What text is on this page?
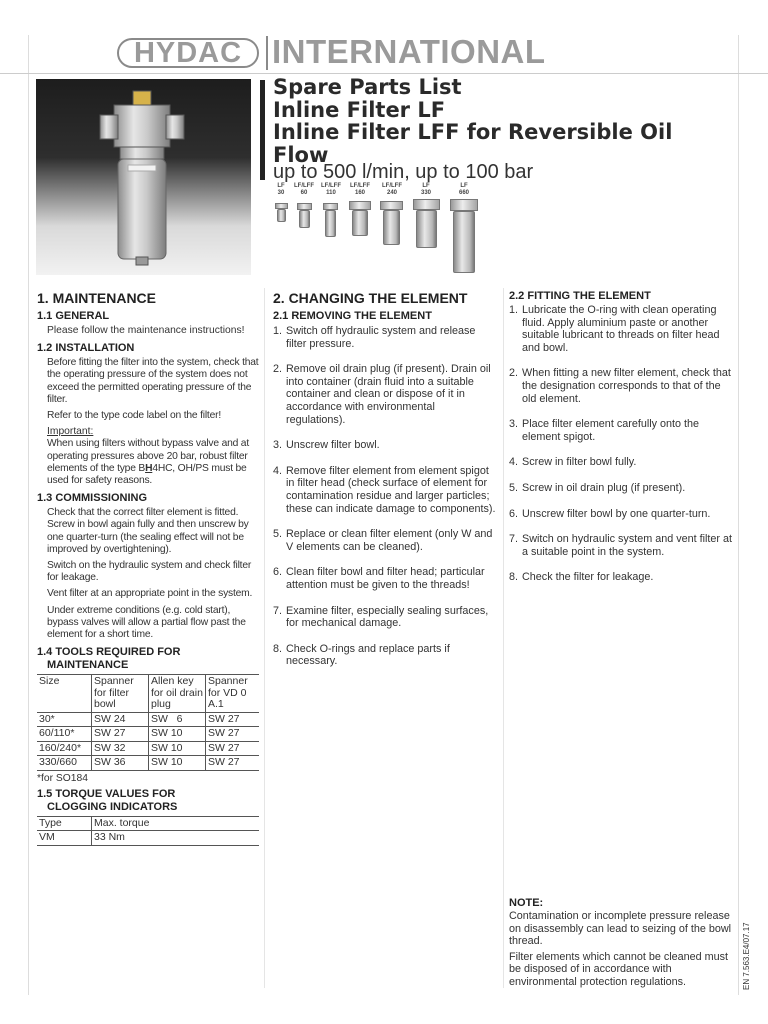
HYDAC INTERNATIONAL
Spare Parts List
Inline Filter LF
Inline Filter LFF for Reversible Oil
Flow
up to 500 l/min, up to 100 bar
LF
30
LF/LFF
60
LF/LFF
110
LF/LFF
160
LF/LFF
240
LF
330
LF
660
1. MAINTENANCE
1.1 GENERAL
Please follow the maintenance instructions!
1.2 INSTALLATION
Before fitting the filter into the system, check that the operating pressure of the system does not exceed the permitted operating pressure of the filter.
Refer to the type code label on the filter!
Important:
When using filters without bypass valve and at operating pressures above 20 bar, robust filter elements of the type BH4HC, OH/PS must be used for safety reasons.
1.3 COMMISSIONING
Check that the correct filter element is fitted. Screw in bowl again fully and then unscrew by one quarter-turn (the sealing effect will not be improved by overtightening).
Switch on the hydraulic system and check filter for leakage.
Vent filter at an appropriate point in the system.
Under extreme conditions (e.g. cold start), bypass valves will allow a partial flow past the element for a short time.
1.4 TOOLS REQUIRED FOR
MAINTENANCE
Size	Spanner for filter bowl	Allen key for oil drain plug	Spanner for VD 0 A.1
30*	SW 24	SW   6	SW 27
60/110*	SW 27	SW 10	SW 27
160/240*	SW 32	SW 10	SW 27
330/660	SW 36	SW 10	SW 27
*for SO184
1.5 TORQUE VALUES FOR
CLOGGING INDICATORS
Type	Max. torque
VM	33 Nm
2. CHANGING THE ELEMENT
2.1 REMOVING THE ELEMENT
1. Switch off hydraulic system and release filter pressure.
2. Remove oil drain plug (if present). Drain oil into container (drain fluid into a suitable container and clean or dispose of it in accordance with environmental regulations).
3. Unscrew filter bowl.
4. Remove filter element from element spigot in filter head (check surface of element for contamination residue and larger particles; these can indicate damage to components).
5. Replace or clean filter element (only W and V elements can be cleaned).
6. Clean filter bowl and filter head; particular attention must be given to the threads!
7. Examine filter, especially sealing surfaces, for mechanical damage.
8. Check O-rings and replace parts if necessary.
2.2 FITTING THE ELEMENT
1. Lubricate the O-ring with clean operating fluid. Apply aluminium paste or another suitable lubricant to threads on filter head and bowl.
2. When fitting a new filter element, check that the designation corresponds to that of the old element.
3. Place filter element carefully onto the element spigot.
4. Screw in filter bowl fully.
5. Screw in oil drain plug (if present).
6. Unscrew filter bowl by one quarter-turn.
7. Switch on hydraulic system and vent filter at a suitable point in the system.
8. Check the filter for leakage.
NOTE:
Contamination or incomplete pressure release on disassembly can lead to seizing of the bowl thread.
Filter elements which cannot be cleaned must be disposed of in accordance with environmental protection regulations.	EN 7.563.E4/07.17
